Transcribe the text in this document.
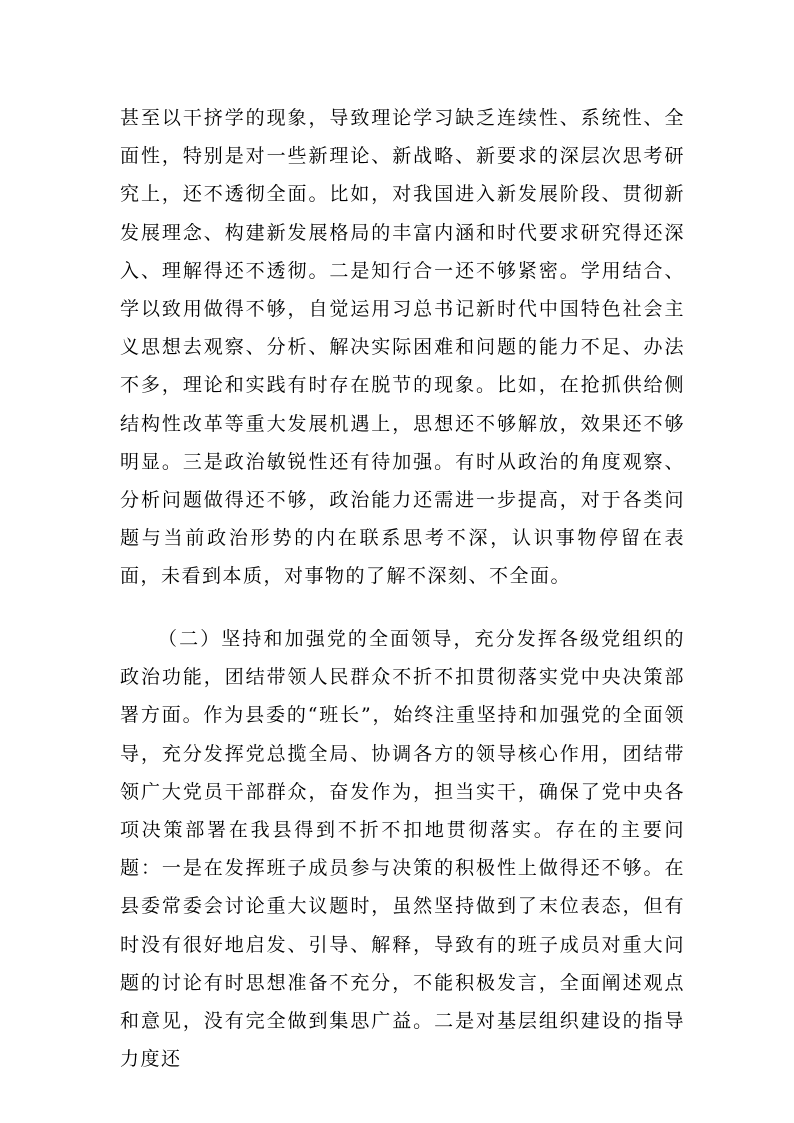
甚至以干挤学的现象，导致理论学习缺乏连续性、系统性、全面性，特别是对一些新理论、新战略、新要求的深层次思考研究上，还不透彻全面。比如，对我国进入新发展阶段、贯彻新发展理念、构建新发展格局的丰富内涵和时代要求研究得还深入、理解得还不透彻。二是知行合一还不够紧密。学用结合、学以致用做得不够，自觉运用习总书记新时代中国特色社会主义思想去观察、分析、解决实际困难和问题的能力不足、办法不多，理论和实践有时存在脱节的现象。比如，在抢抓供给侧结构性改革等重大发展机遇上，思想还不够解放，效果还不够明显。三是政治敏锐性还有待加强。有时从政治的角度观察、分析问题做得还不够，政治能力还需进一步提高，对于各类问题与当前政治形势的内在联系思考不深，认识事物停留在表面，未看到本质，对事物的了解不深刻、不全面。

（二）坚持和加强党的全面领导，充分发挥各级党组织的政治功能，团结带领人民群众不折不扣贯彻落实党中央决策部署方面。作为县委的“班长”，始终注重坚持和加强党的全面领导，充分发挥党总揽全局、协调各方的领导核心作用，团结带领广大党员干部群众，奋发作为，担当实干，确保了党中央各项决策部署在我县得到不折不扣地贯彻落实。存在的主要问题：一是在发挥班子成员参与决策的积极性上做得还不够。在县委常委会讨论重大议题时，虽然坚持做到了末位表态，但有时没有很好地启发、引导、解释，导致有的班子成员对重大问题的讨论有时思想准备不充分，不能积极发言，全面阐述观点和意见，没有完全做到集思广益。二是对基层组织建设的指导力度还
